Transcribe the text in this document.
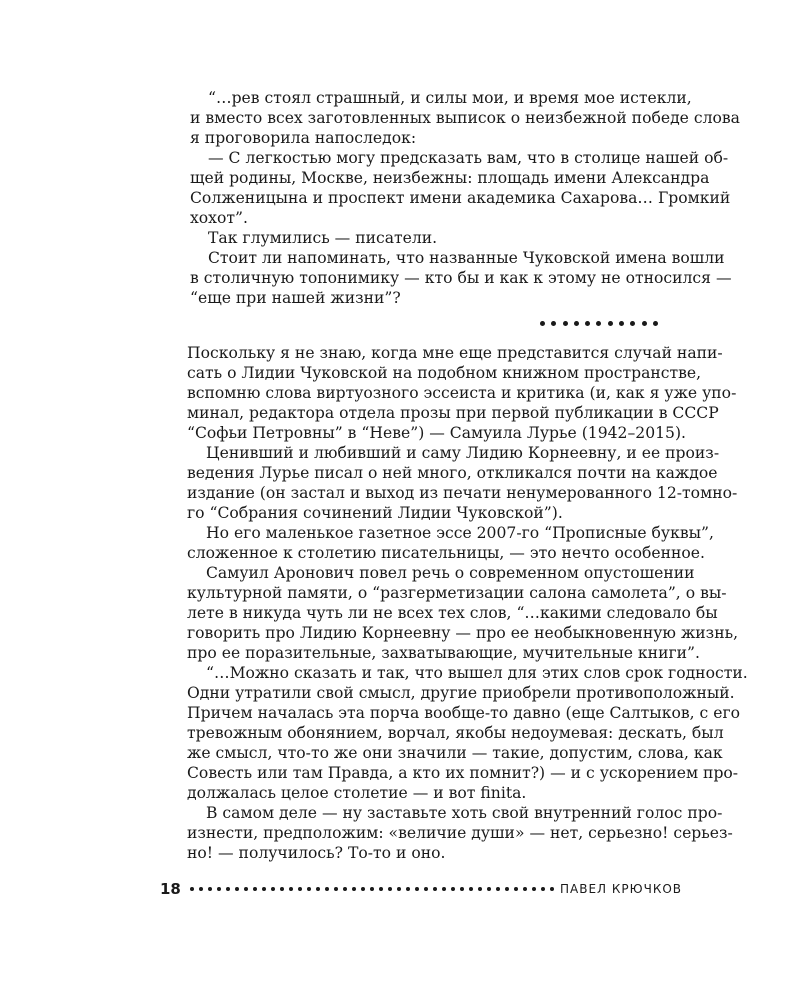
“…рев стоял страшный, и силы мои, и время мое истекли,

и вместо всех заготовленных выписок о неизбежной победе слова

я проговорила напоследок:

— С легкостью могу предсказать вам, что в столице нашей об-

щей родины, Москве, неизбежны: площадь имени Александра

Солженицына и проспект имени академика Сахарова… Громкий

хохот”.

Так глумились — писатели.

Стоит ли напоминать, что названные Чуковской имена вошли

в столичную топонимику — кто бы и как к этому не относился —

“еще при нашей жизни”?

Поскольку я не знаю, когда мне еще представится случай напи-

сать о Лидии Чуковской на подобном книжном пространстве,

вспомню слова виртуозного эссеиста и критика (и, как я уже упо-

минал, редактора отдела прозы при первой публикации в СССР

“Софьи Петровны” в “Неве”) — Самуила Лурье (1942–2015).

Ценивший и любивший и саму Лидию Корнеевну, и ее произ-

ведения Лурье писал о ней много, откликался почти на каждое

издание (он застал и выход из печати ненумерованного 12-томно-

го “Собрания сочинений Лидии Чуковской”).

Но его маленькое газетное эссе 2007-го “Прописные буквы”,

сложенное к столетию писательницы, — это нечто особенное.

Самуил Аронович повел речь о современном опустошении

культурной памяти, о “разгерметизации салона самолета”, о вы-

лете в никуда чуть ли не всех тех слов, “…какими следовало бы

говорить про Лидию Корнеевну — про ее необыкновенную жизнь,

про ее поразительные, захватывающие, мучительные книги”.

“…Можно сказать и так, что вышел для этих слов срок годности.

Одни утратили свой смысл, другие приобрели противоположный.

Причем началась эта порча вообще-то давно (еще Салтыков, с его

тревожным обонянием, ворчал, якобы недоумевая: дескать, был

же смысл, что-то же они значили — такие, допустим, слова, как

Совесть или там Правда, а кто их помнит?) — и с ускорением про-

должалась целое столетие — и вот finita.

В самом деле — ну заставьте хоть свой внутренний голос про-

изнести, предположим: «величие души» — нет, серьезно! серьез-

но! — получилось? То-то и оно.

18	ПАВЕЛ КРЮЧКОВ
